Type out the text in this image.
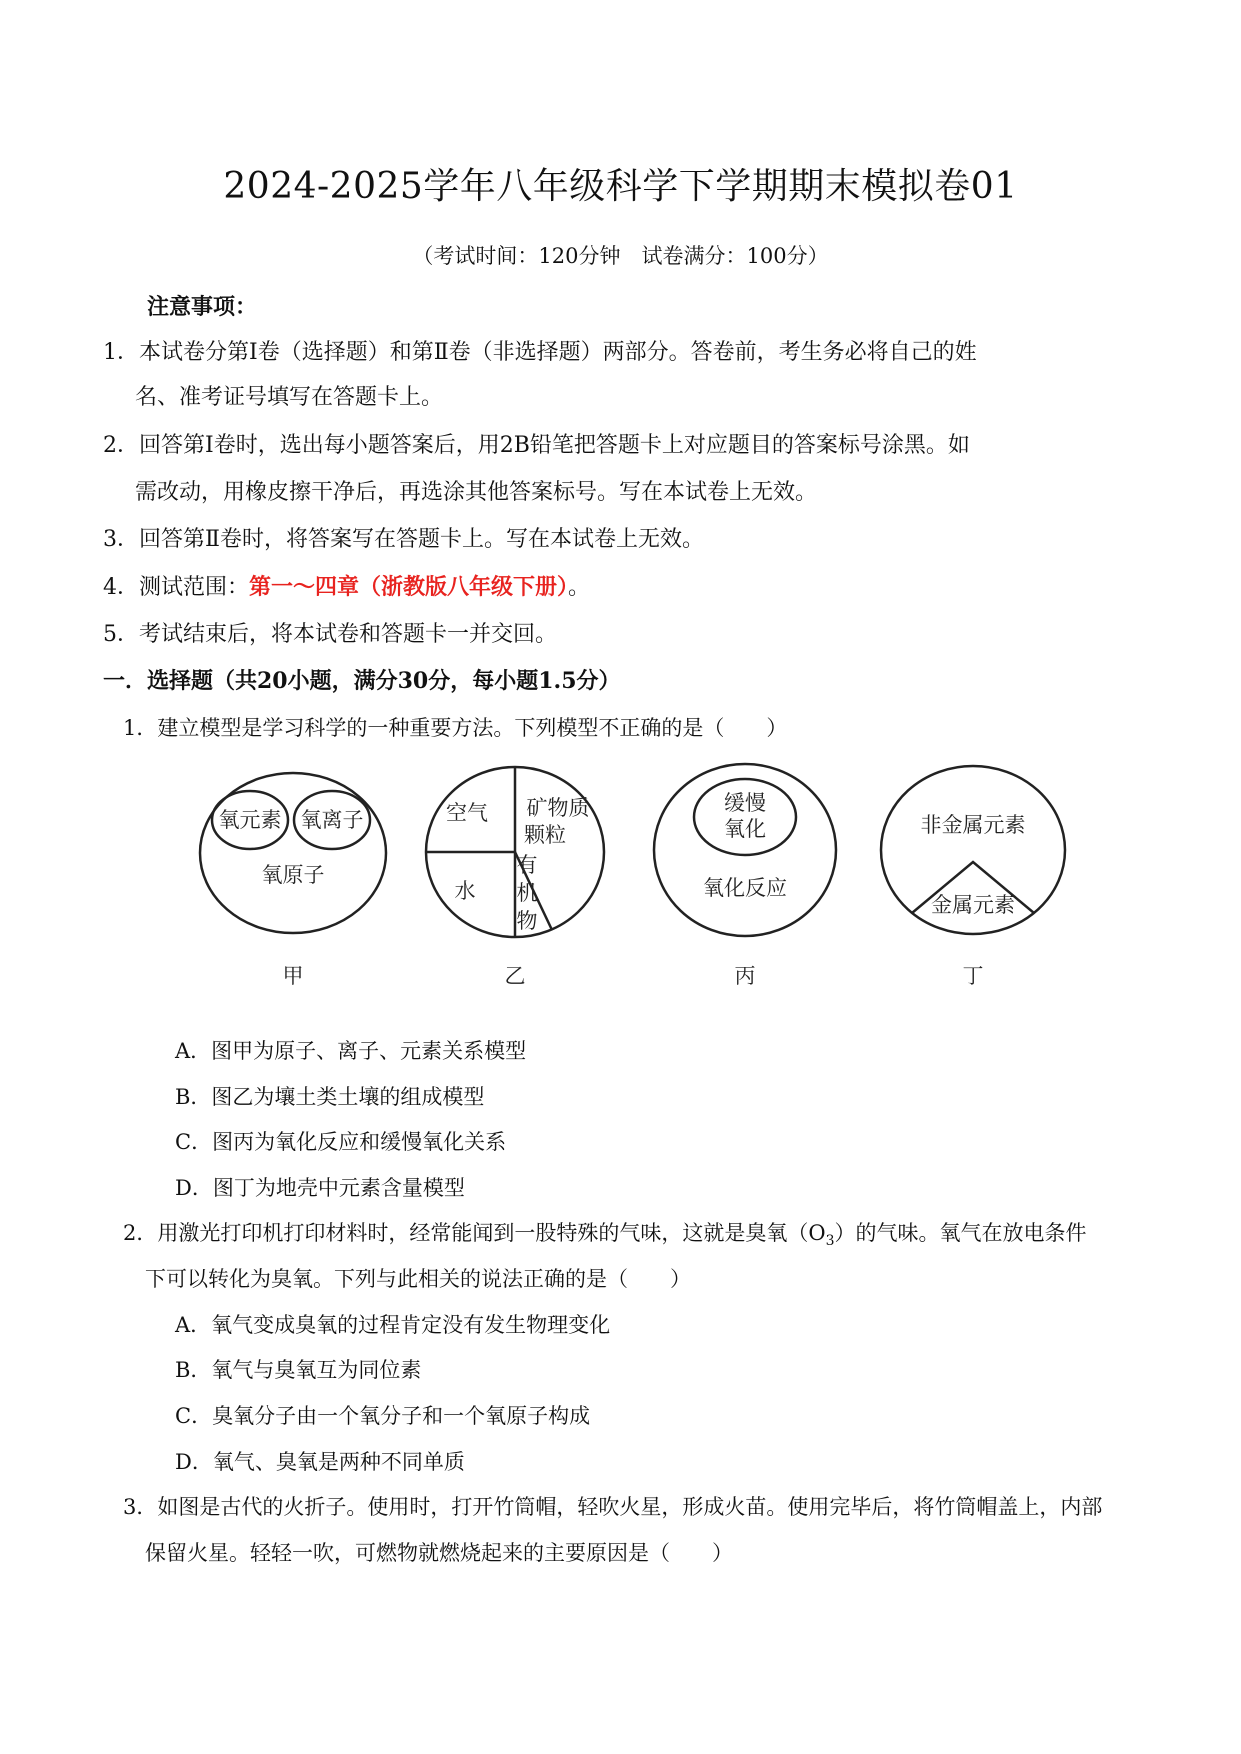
2024-2025学年八年级科学下学期期末模拟卷01
（考试时间：120分钟　试卷满分：100分）
注意事项：
1．本试卷分第Ⅰ卷（选择题）和第Ⅱ卷（非选择题）两部分。答卷前，考生务必将自己的姓
名、准考证号填写在答题卡上。
2．回答第Ⅰ卷时，选出每小题答案后，用2B铅笔把答题卡上对应题目的答案标号涂黑。如
需改动，用橡皮擦干净后，再选涂其他答案标号。写在本试卷上无效。
3．回答第Ⅱ卷时，将答案写在答题卡上。写在本试卷上无效。
4．测试范围：第一～四章（浙教版八年级下册）。
5．考试结束后，将本试卷和答题卡一并交回。
一．选择题（共20小题，满分30分，每小题1.5分）
1．建立模型是学习科学的一种重要方法。下列模型不正确的是（　　）
氧元素 氧离子
氧原子
甲
空气 矿物质
颗粒
水
有
机
物
乙
缓慢
氧化
氧化反应
丙
非金属元素
金属元素
丁
A．图甲为原子、离子、元素关系模型
B．图乙为壤土类土壤的组成模型
C．图丙为氧化反应和缓慢氧化关系
D．图丁为地壳中元素含量模型
2．用激光打印机打印材料时，经常能闻到一股特殊的气味，这就是臭氧$(O_3)$的气味。氧气在放电条件
下可以转化为臭氧。下列与此相关的说法正确的是（　　）
A．氧气变成臭氧的过程肯定没有发生物理变化
B．氧气与臭氧互为同位素
C．臭氧分子由一个氧分子和一个氧原子构成
D．氧气、臭氧是两种不同单质
3．如图是古代的火折子。使用时，打开竹筒帽，轻吹火星，形成火苗。使用完毕后，将竹筒帽盖上，内部
保留火星。轻轻一吹，可燃物就燃烧起来的主要原因是（　　）
